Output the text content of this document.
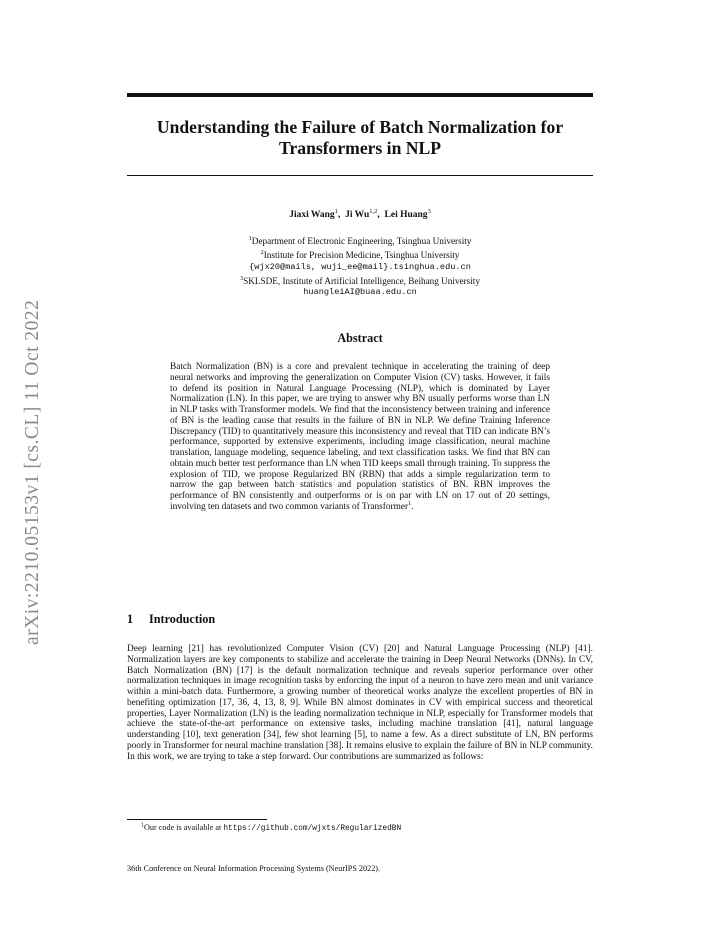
arXiv:2210.05153v1 [cs.CL] 11 Oct 2022
Understanding the Failure of Batch Normalization for Transformers in NLP
Jiaxi Wang$^1$,  Ji Wu$^{1,2}$,  Lei Huang$^3$
$^1$Department of Electronic Engineering, Tsinghua University
$^2$Institute for Precision Medicine, Tsinghua University
{wjx20@mails, wuji_ee@mail}.tsinghua.edu.cn
$^3$SKLSDE, Institute of Artificial Intelligence, Beihang University
huangleiAI@buaa.edu.cn
Abstract
Batch Normalization (BN) is a core and prevalent technique in accelerating the training of deep neural networks and improving the generalization on Computer Vision (CV) tasks. However, it fails to defend its position in Natural Language Processing (NLP), which is dominated by Layer Normalization (LN). In this paper, we are trying to answer why BN usually performs worse than LN in NLP tasks with Transformer models. We find that the inconsistency between training and inference of BN is the leading cause that results in the failure of BN in NLP. We define Training Inference Discrepancy (TID) to quantitatively measure this inconsistency and reveal that TID can indicate BN’s performance, supported by extensive experiments, including image classification, neural machine translation, language modeling, sequence labeling, and text classification tasks. We find that BN can obtain much better test performance than LN when TID keeps small through training. To suppress the explosion of TID, we propose Regularized BN (RBN) that adds a simple regularization term to narrow the gap between batch statistics and population statistics of BN. RBN improves the performance of BN consistently and outperforms or is on par with LN on 17 out of 20 settings, involving ten datasets and two common variants of Transformer$^1$.
1 Introduction
Deep learning [21] has revolutionized Computer Vision (CV) [20] and Natural Language Processing (NLP) [41]. Normalization layers are key components to stabilize and accelerate the training in Deep Neural Networks (DNNs). In CV, Batch Normalization (BN) [17] is the default normalization technique and reveals superior performance over other normalization techniques in image recognition tasks by enforcing the input of a neuron to have zero mean and unit variance within a mini-batch data. Furthermore, a growing number of theoretical works analyze the excellent properties of BN in benefiting optimization [17, 36, 4, 13, 8, 9]. While BN almost dominates in CV with empirical success and theoretical properties, Layer Normalization (LN) is the leading normalization technique in NLP, especially for Transformer models that achieve the state-of-the-art performance on extensive tasks, including machine translation [41], natural language understanding [10], text generation [34], few shot learning [5], to name a few. As a direct substitute of LN, BN performs poorly in Transformer for neural machine translation [38]. It remains elusive to explain the failure of BN in NLP community. In this work, we are trying to take a step forward. Our contributions are summarized as follows:
$^1$Our code is available at https://github.com/wjxts/RegularizedBN
36th Conference on Neural Information Processing Systems (NeurIPS 2022).
